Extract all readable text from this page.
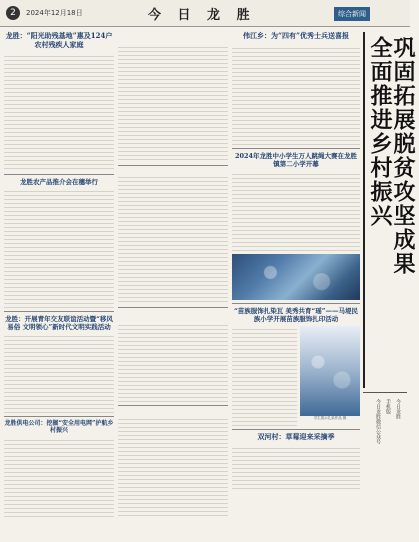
2	2024年12月18日	今 日 龙 胜	综合新闻
龙胜：“阳光助残基地”惠及124户农村残疾人家庭
龙胜农产品推介会在穗举行
龙胜：开展青年交友联谊活动暨“移风易俗 文明领心”新时代文明实践活动
龙胜供电公司：挖掘“安全用电网”护航乡村振兴
伟江乡：为“四有”优秀士兵送喜报
2024年龙胜中小学生万人跳绳大赛在龙胜镇第二小学开幕
“苗族服饰扎染瓦 美秀共育“瑶”——马堤民族小学开展苗族服饰扎印活动
学生展示扎染作品 摄
双河村：草莓迎来采摘季
巩固拓展脱贫攻坚成果
全面推进乡村振兴
今日龙胜
手机版
今日龙胜微信公众号
